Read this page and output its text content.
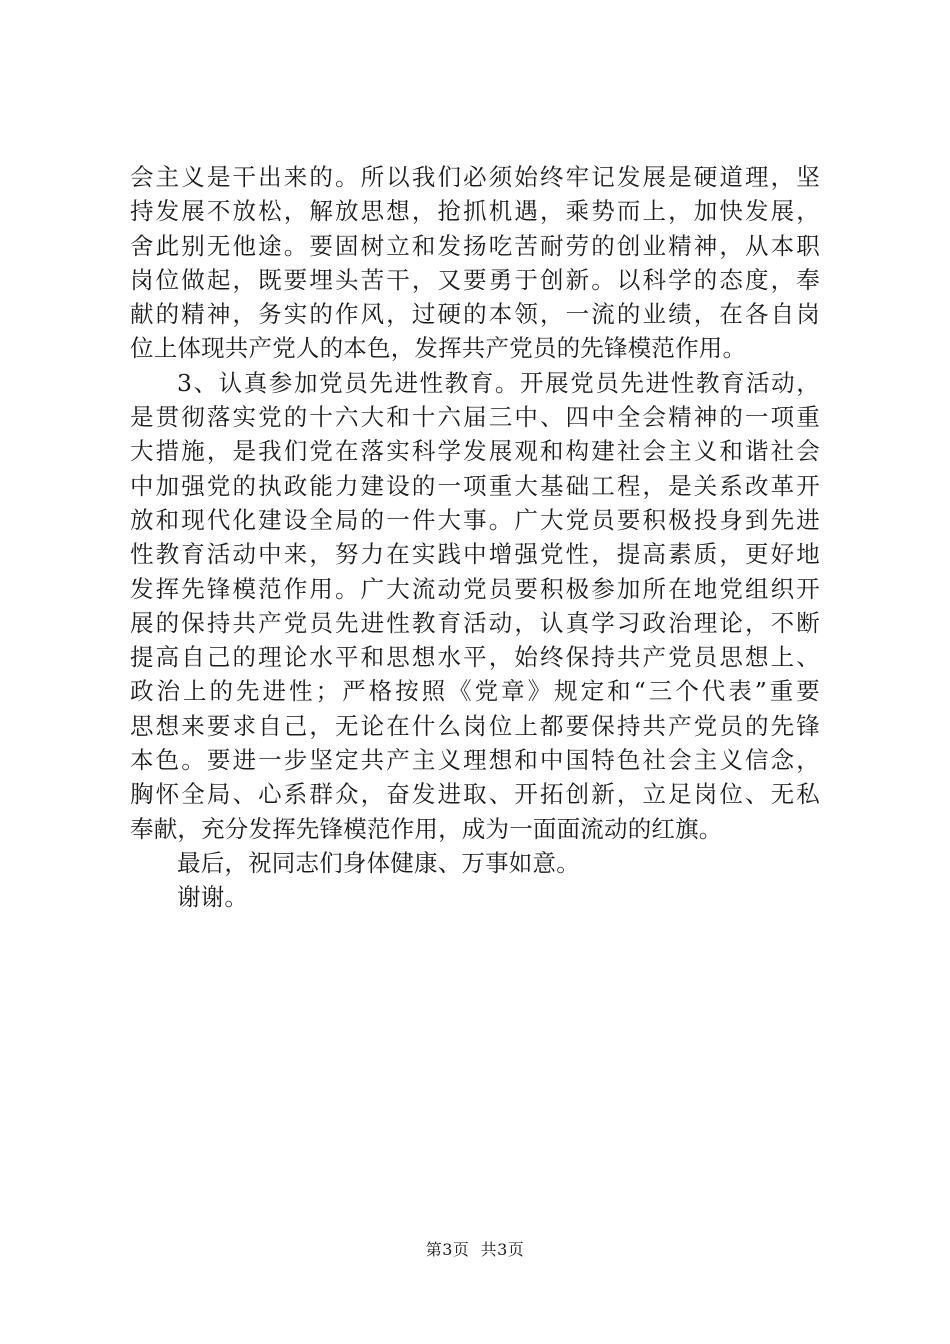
会主义是干出来的。所以我们必须始终牢记发展是硬道理，坚
持发展不放松，解放思想，抢抓机遇，乘势而上，加快发展，
舍此别无他途。要固树立和发扬吃苦耐劳的创业精神，从本职
岗位做起，既要埋头苦干，又要勇于创新。以科学的态度，奉
献的精神，务实的作风，过硬的本领，一流的业绩，在各自岗
位上体现共产党人的本色，发挥共产党员的先锋模范作用。
3、认真参加党员先进性教育。开展党员先进性教育活动，
是贯彻落实党的十六大和十六届三中、四中全会精神的一项重
大措施，是我们党在落实科学发展观和构建社会主义和谐社会
中加强党的执政能力建设的一项重大基础工程，是关系改革开
放和现代化建设全局的一件大事。广大党员要积极投身到先进
性教育活动中来，努力在实践中增强党性，提高素质，更好地
发挥先锋模范作用。广大流动党员要积极参加所在地党组织开
展的保持共产党员先进性教育活动，认真学习政治理论，不断
提高自己的理论水平和思想水平，始终保持共产党员思想上、
政治上的先进性；严格按照《党章》规定和“三个代表”重要
思想来要求自己，无论在什么岗位上都要保持共产党员的先锋
本色。要进一步坚定共产主义理想和中国特色社会主义信念，
胸怀全局、心系群众，奋发进取、开拓创新，立足岗位、无私
奉献，充分发挥先锋模范作用，成为一面面流动的红旗。
最后，祝同志们身体健康、万事如意。
谢谢。
第3页  共3页
